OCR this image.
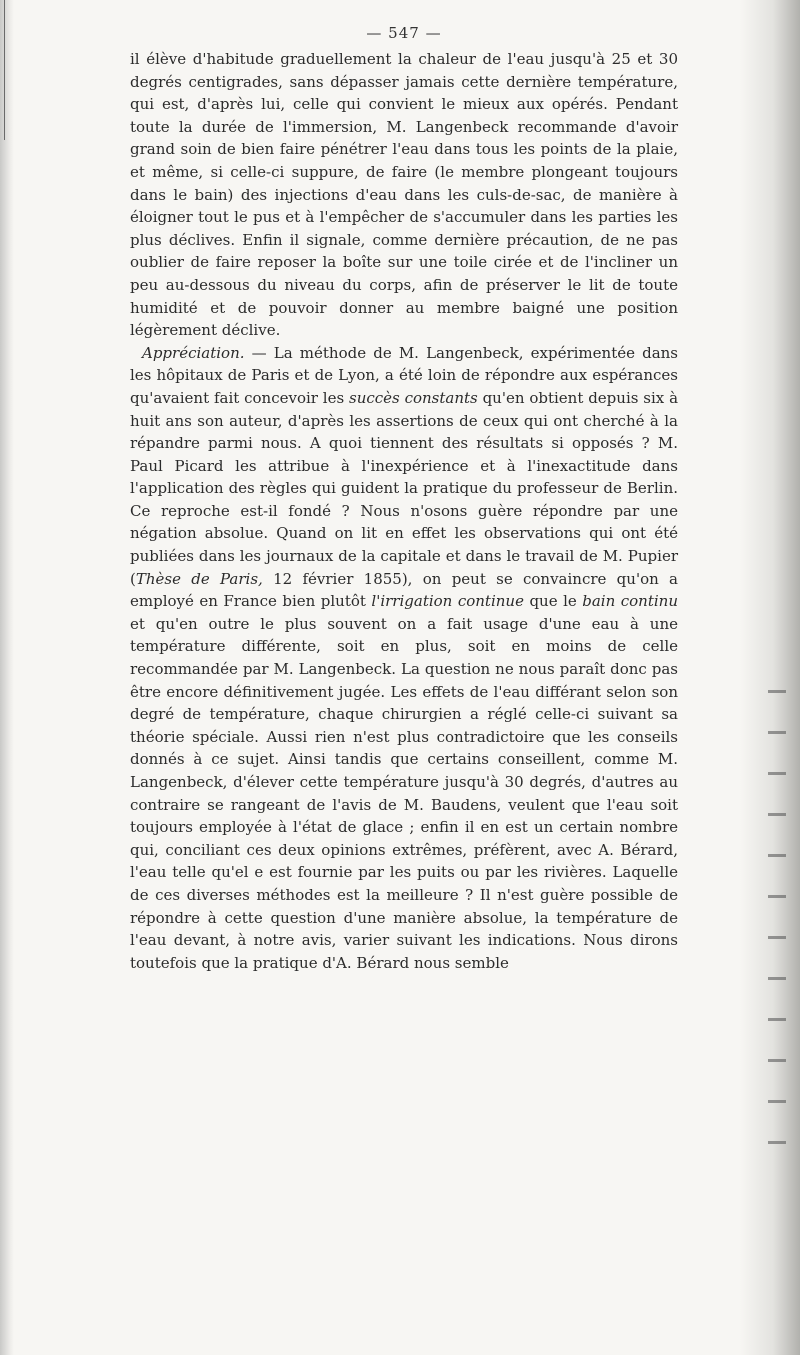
— 547 —

il élève d'habitude graduellement la chaleur de l'eau jusqu'à 25 et 30 degrés centigrades, sans dépasser jamais cette dernière température, qui est, d'après lui, celle qui convient le mieux aux opérés. Pendant toute la durée de l'immersion, M. Langenbeck recommande d'avoir grand soin de bien faire pénétrer l'eau dans tous les points de la plaie, et même, si celle-ci suppure, de faire (le membre plongeant toujours dans le bain) des injections d'eau dans les culs-de-sac, de manière à éloigner tout le pus et à l'empêcher de s'accumuler dans les parties les plus déclives. Enfin il signale, comme dernière précaution, de ne pas oublier de faire reposer la boîte sur une toile cirée et de l'incliner un peu au-dessous du niveau du corps, afin de préserver le lit de toute humidité et de pouvoir donner au membre baigné une position légèrement déclive.

Appréciation. — La méthode de M. Langenbeck, expérimentée dans les hôpitaux de Paris et de Lyon, a été loin de répondre aux espérances qu'avaient fait concevoir les succès constants qu'en obtient depuis six à huit ans son auteur, d'après les assertions de ceux qui ont cherché à la répandre parmi nous. A quoi tiennent des résultats si opposés ? M. Paul Picard les attribue à l'inexpérience et à l'inexactitude dans l'application des règles qui guident la pratique du professeur de Berlin. Ce reproche est-il fondé ? Nous n'osons guère répondre par une négation absolue. Quand on lit en effet les observations qui ont été publiées dans les journaux de la capitale et dans le travail de M. Pupier (Thèse de Paris, 12 février 1855), on peut se convaincre qu'on a employé en France bien plutôt l'irrigation continue que le bain continu et qu'en outre le plus souvent on a fait usage d'une eau à une température différente, soit en plus, soit en moins de celle recommandée par M. Langenbeck. La question ne nous paraît donc pas être encore définitivement jugée. Les effets de l'eau différant selon son degré de température, chaque chirurgien a réglé celle-ci suivant sa théorie spéciale. Aussi rien n'est plus contradictoire que les conseils donnés à ce sujet. Ainsi tandis que certains conseillent, comme M. Langenbeck, d'élever cette température jusqu'à 30 degrés, d'autres au contraire se rangeant de l'avis de M. Baudens, veulent que l'eau soit toujours employée à l'état de glace ; enfin il en est un certain nombre qui, conciliant ces deux opinions extrêmes, préfèrent, avec A. Bérard, l'eau telle qu'el e est fournie par les puits ou par les rivières. Laquelle de ces diverses méthodes est la meilleure ? Il n'est guère possible de répondre à cette question d'une manière absolue, la température de l'eau devant, à notre avis, varier suivant les indications. Nous dirons toutefois que la pratique d'A. Bérard nous semble
